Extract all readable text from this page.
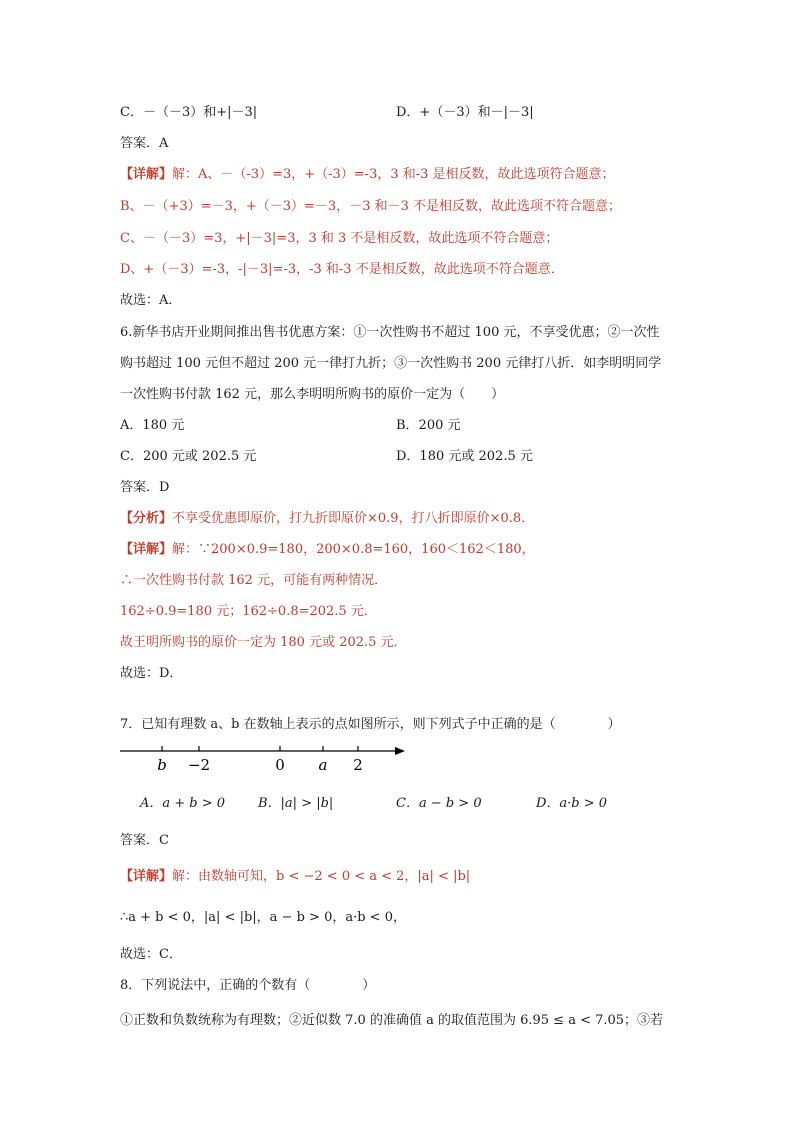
C．－（－3）和+|－3|	D．+（－3）和－|－3|
答案．A
【详解】解：A、－（-3）=3，+（-3）=-3，3 和-3 是相反数，故此选项符合题意；
B、－（+3）=－3，+（－3）=－3，－3 和－3 不是相反数，故此选项不符合题意；
C、－（－3）=3，+|－3|=3，3 和 3 不是相反数，故此选项不符合题意；
D、+（－3）=-3，-|－3|=-3，-3 和-3 不是相反数，故此选项不符合题意．
故选：A．
6.新华书店开业期间推出售书优惠方案：①一次性购书不超过 100 元，不享受优惠；②一次性
购书超过 100 元但不超过 200 元一律打九折；③一次性购书 200 元律打八折．如李明明同学
一次性购书付款 162 元，那么李明明所购书的原价一定为（　　）
A．180 元	B．200 元
C．200 元或 202.5 元	D．180 元或 202.5 元
答案．D
【分析】不享受优惠即原价，打九折即原价×0.9，打八折即原价×0.8．
【详解】解：∵200×0.9=180，200×0.8=160，160＜162＜180，
∴一次性购书付款 162 元，可能有两种情况．
162÷0.9=180 元；162÷0.8=202.5 元．
故王明所购书的原价一定为 180 元或 202.5 元．
故选：D．
7．已知有理数 a、b 在数轴上表示的点如图所示，则下列式子中正确的是（　　　　）
b −2	0 a 2
A．a + b > 0	B．|a| > |b|	C．a − b > 0	D．a·b > 0
答案．C
【详解】解：由数轴可知，b < −2 < 0 < a < 2，|a| < |b|
∴a + b < 0，|a| < |b|，a − b > 0，a·b < 0，
故选：C．
8．下列说法中，正确的个数有（　　　　）
①正数和负数统称为有理数；②近似数 7.0 的准确值 a 的取值范围为 6.95 ≤ a < 7.05；③若
